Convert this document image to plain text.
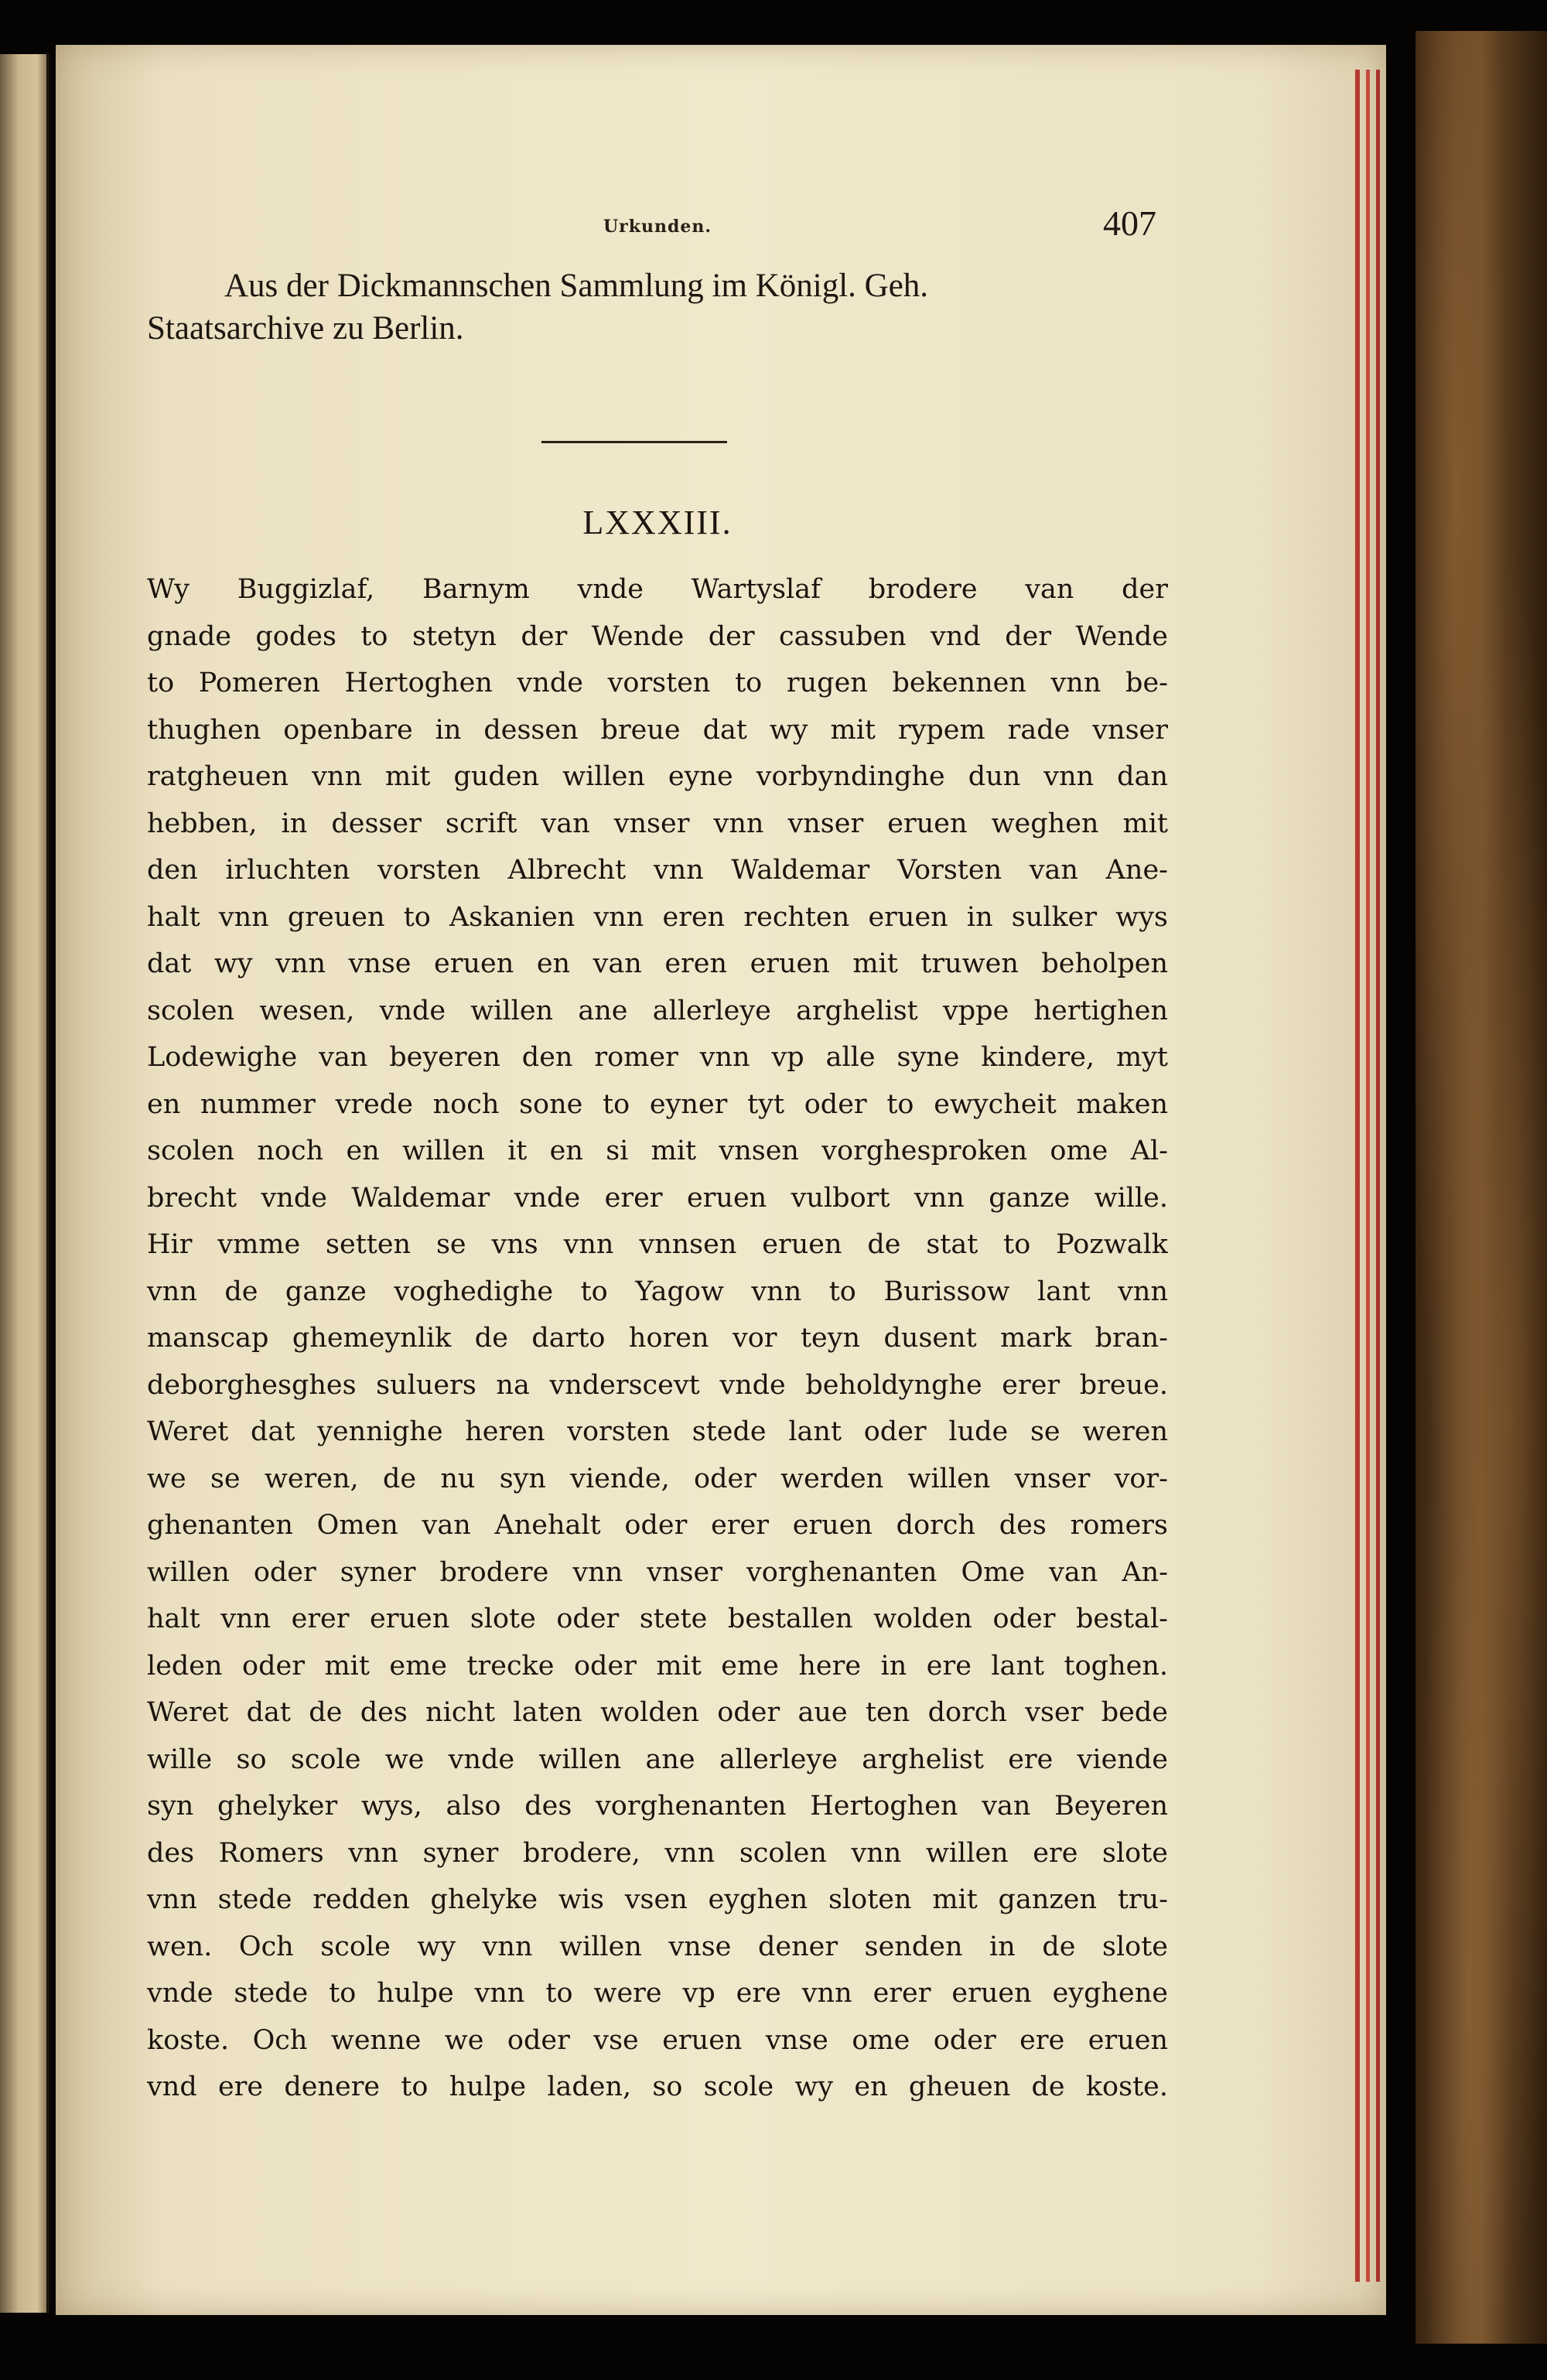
Urkunden.	407
Aus der Dickmannschen Sammlung im Königl. Geh.
Staatsarchive zu Berlin.
LXXXIII.
Wy Buggizlaf, Barnym vnde Wartyslaf brodere van der
gnade godes to stetyn der Wende der cassuben vnd der Wende
to Pomeren Hertoghen vnde vorsten to rugen bekennen vnn be-
thughen openbare in dessen breue dat wy mit rypem rade vnser
ratgheuen vnn mit guden willen eyne vorbyndinghe dun vnn dan
hebben, in desser scrift van vnser vnn vnser eruen weghen mit
den irluchten vorsten Albrecht vnn Waldemar Vorsten van Ane-
halt vnn greuen to Askanien vnn eren rechten eruen in sulker wys
dat wy vnn vnse eruen en van eren eruen mit truwen beholpen
scolen wesen, vnde willen ane allerleye arghelist vppe hertighen
Lodewighe van beyeren den romer vnn vp alle syne kindere, myt
en nummer vrede noch sone to eyner tyt oder to ewycheit maken
scolen noch en willen it en si mit vnsen vorghesproken ome Al-
brecht vnde Waldemar vnde erer eruen vulbort vnn ganze wille.
Hir vmme setten se vns vnn vnnsen eruen de stat to Pozwalk
vnn de ganze voghedighe to Yagow vnn to Burissow lant vnn
manscap ghemeynlik de darto horen vor teyn dusent mark bran-
deborghesghes suluers na vnderscevt vnde beholdynghe erer breue.
Weret dat yennighe heren vorsten stede lant oder lude se weren
we se weren, de nu syn viende, oder werden willen vnser vor-
ghenanten Omen van Anehalt oder erer eruen dorch des romers
willen oder syner brodere vnn vnser vorghenanten Ome van An-
halt vnn erer eruen slote oder stete bestallen wolden oder bestal-
leden oder mit eme trecke oder mit eme here in ere lant toghen.
Weret dat de des nicht laten wolden oder aue ten dorch vser bede
wille so scole we vnde willen ane allerleye arghelist ere viende
syn ghelyker wys, also des vorghenanten Hertoghen van Beyeren
des Romers vnn syner brodere, vnn scolen vnn willen ere slote
vnn stede redden ghelyke wis vsen eyghen sloten mit ganzen tru-
wen. Och scole wy vnn willen vnse dener senden in de slote
vnde stede to hulpe vnn to were vp ere vnn erer eruen eyghene
koste. Och wenne we oder vse eruen vnse ome oder ere eruen
vnd ere denere to hulpe laden, so scole wy en gheuen de koste.
